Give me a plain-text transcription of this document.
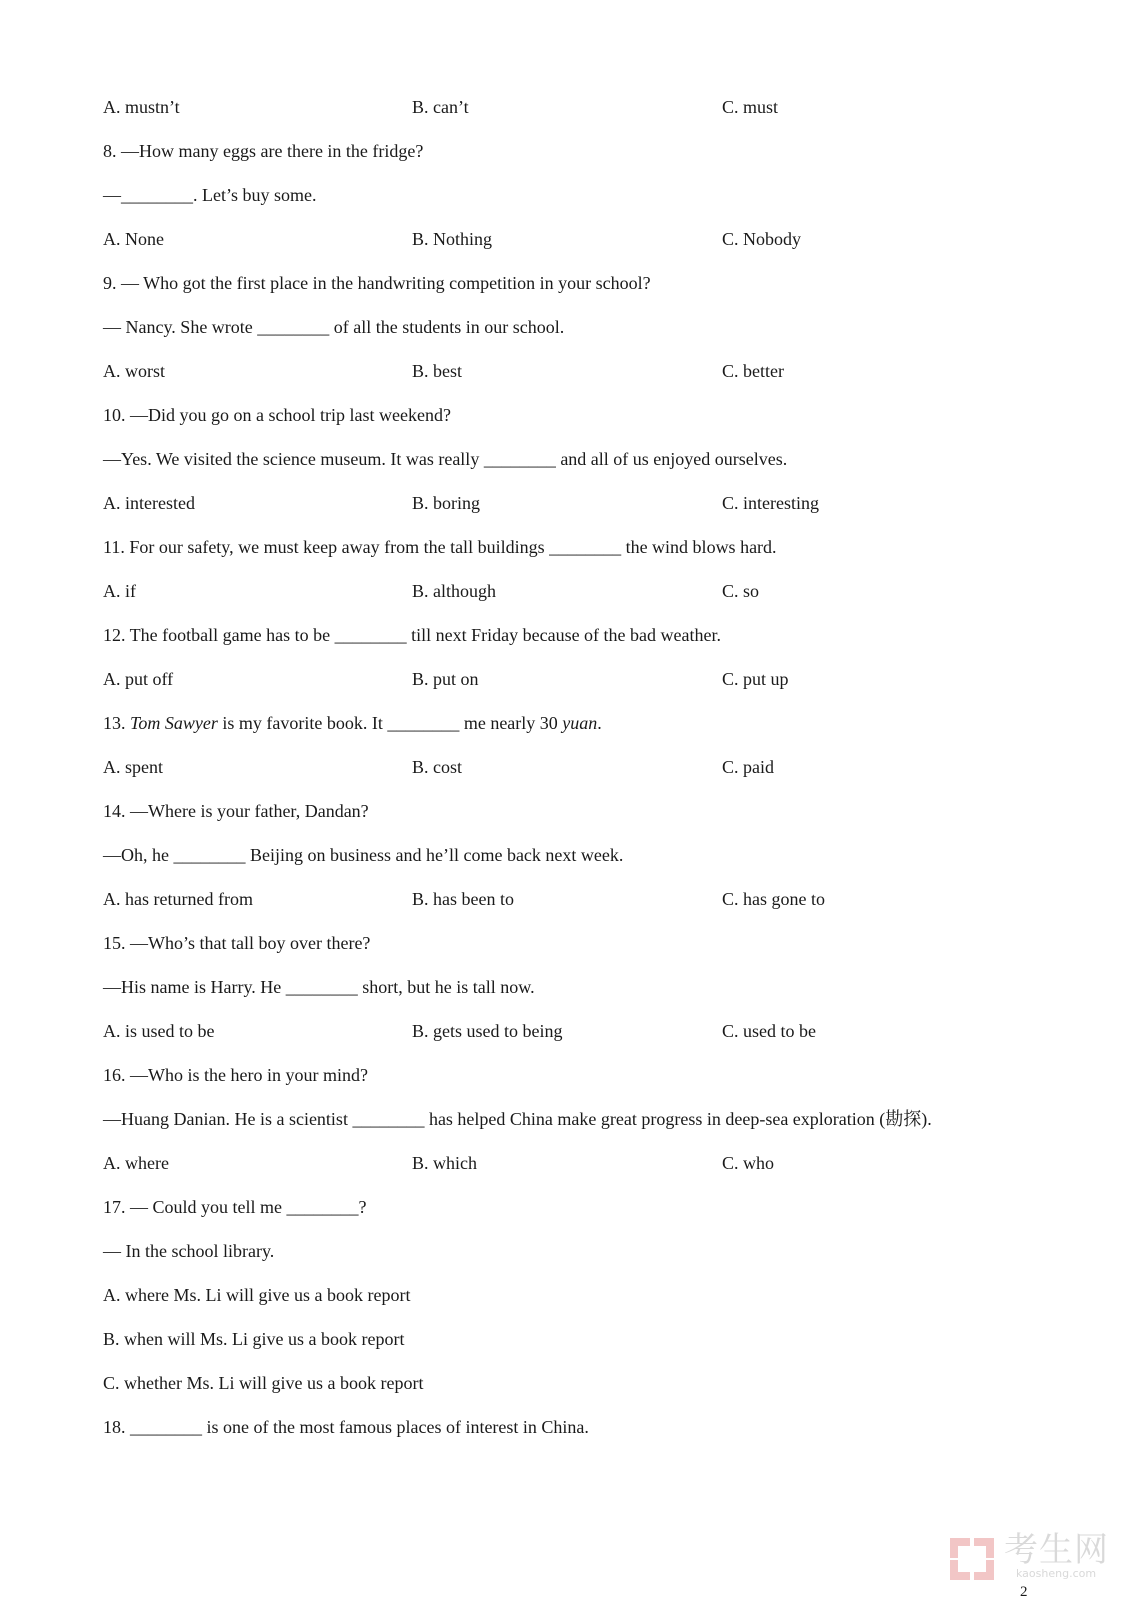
A. mustn’t	B. can’t	C. must
8. —How many eggs are there in the fridge?
—________. Let’s buy some.
A. None	B. Nothing	C. Nobody
9. — Who got the first place in the handwriting competition in your school?
— Nancy. She wrote ________ of all the students in our school.
A. worst	B. best	C. better
10. —Did you go on a school trip last weekend?
—Yes. We visited the science museum. It was really ________ and all of us enjoyed ourselves.
A. interested	B. boring	C. interesting
11. For our safety, we must keep away from the tall buildings ________ the wind blows hard.
A. if	B. although	C. so
12. The football game has to be ________ till next Friday because of the bad weather.
A. put off	B. put on	C. put up
13. Tom Sawyer is my favorite book. It ________ me nearly 30 yuan.
A. spent	B. cost	C. paid
14. —Where is your father, Dandan?
—Oh, he ________ Beijing on business and he’ll come back next week.
A. has returned from	B. has been to	C. has gone to
15. —Who’s that tall boy over there?
—His name is Harry. He ________ short, but he is tall now.
A. is used to be	B. gets used to being	C. used to be
16. —Who is the hero in your mind?
—Huang Danian. He is a scientist ________ has helped China make great progress in deep-sea exploration (勘探).
A. where	B. which	C. who
17. — Could you tell me ________?
— In the school library.
A. where Ms. Li will give us a book report
B. when will Ms. Li give us a book report
C. whether Ms. Li will give us a book report
18. ________ is one of the most famous places of interest in China.
考生网
kaosheng.com
2
